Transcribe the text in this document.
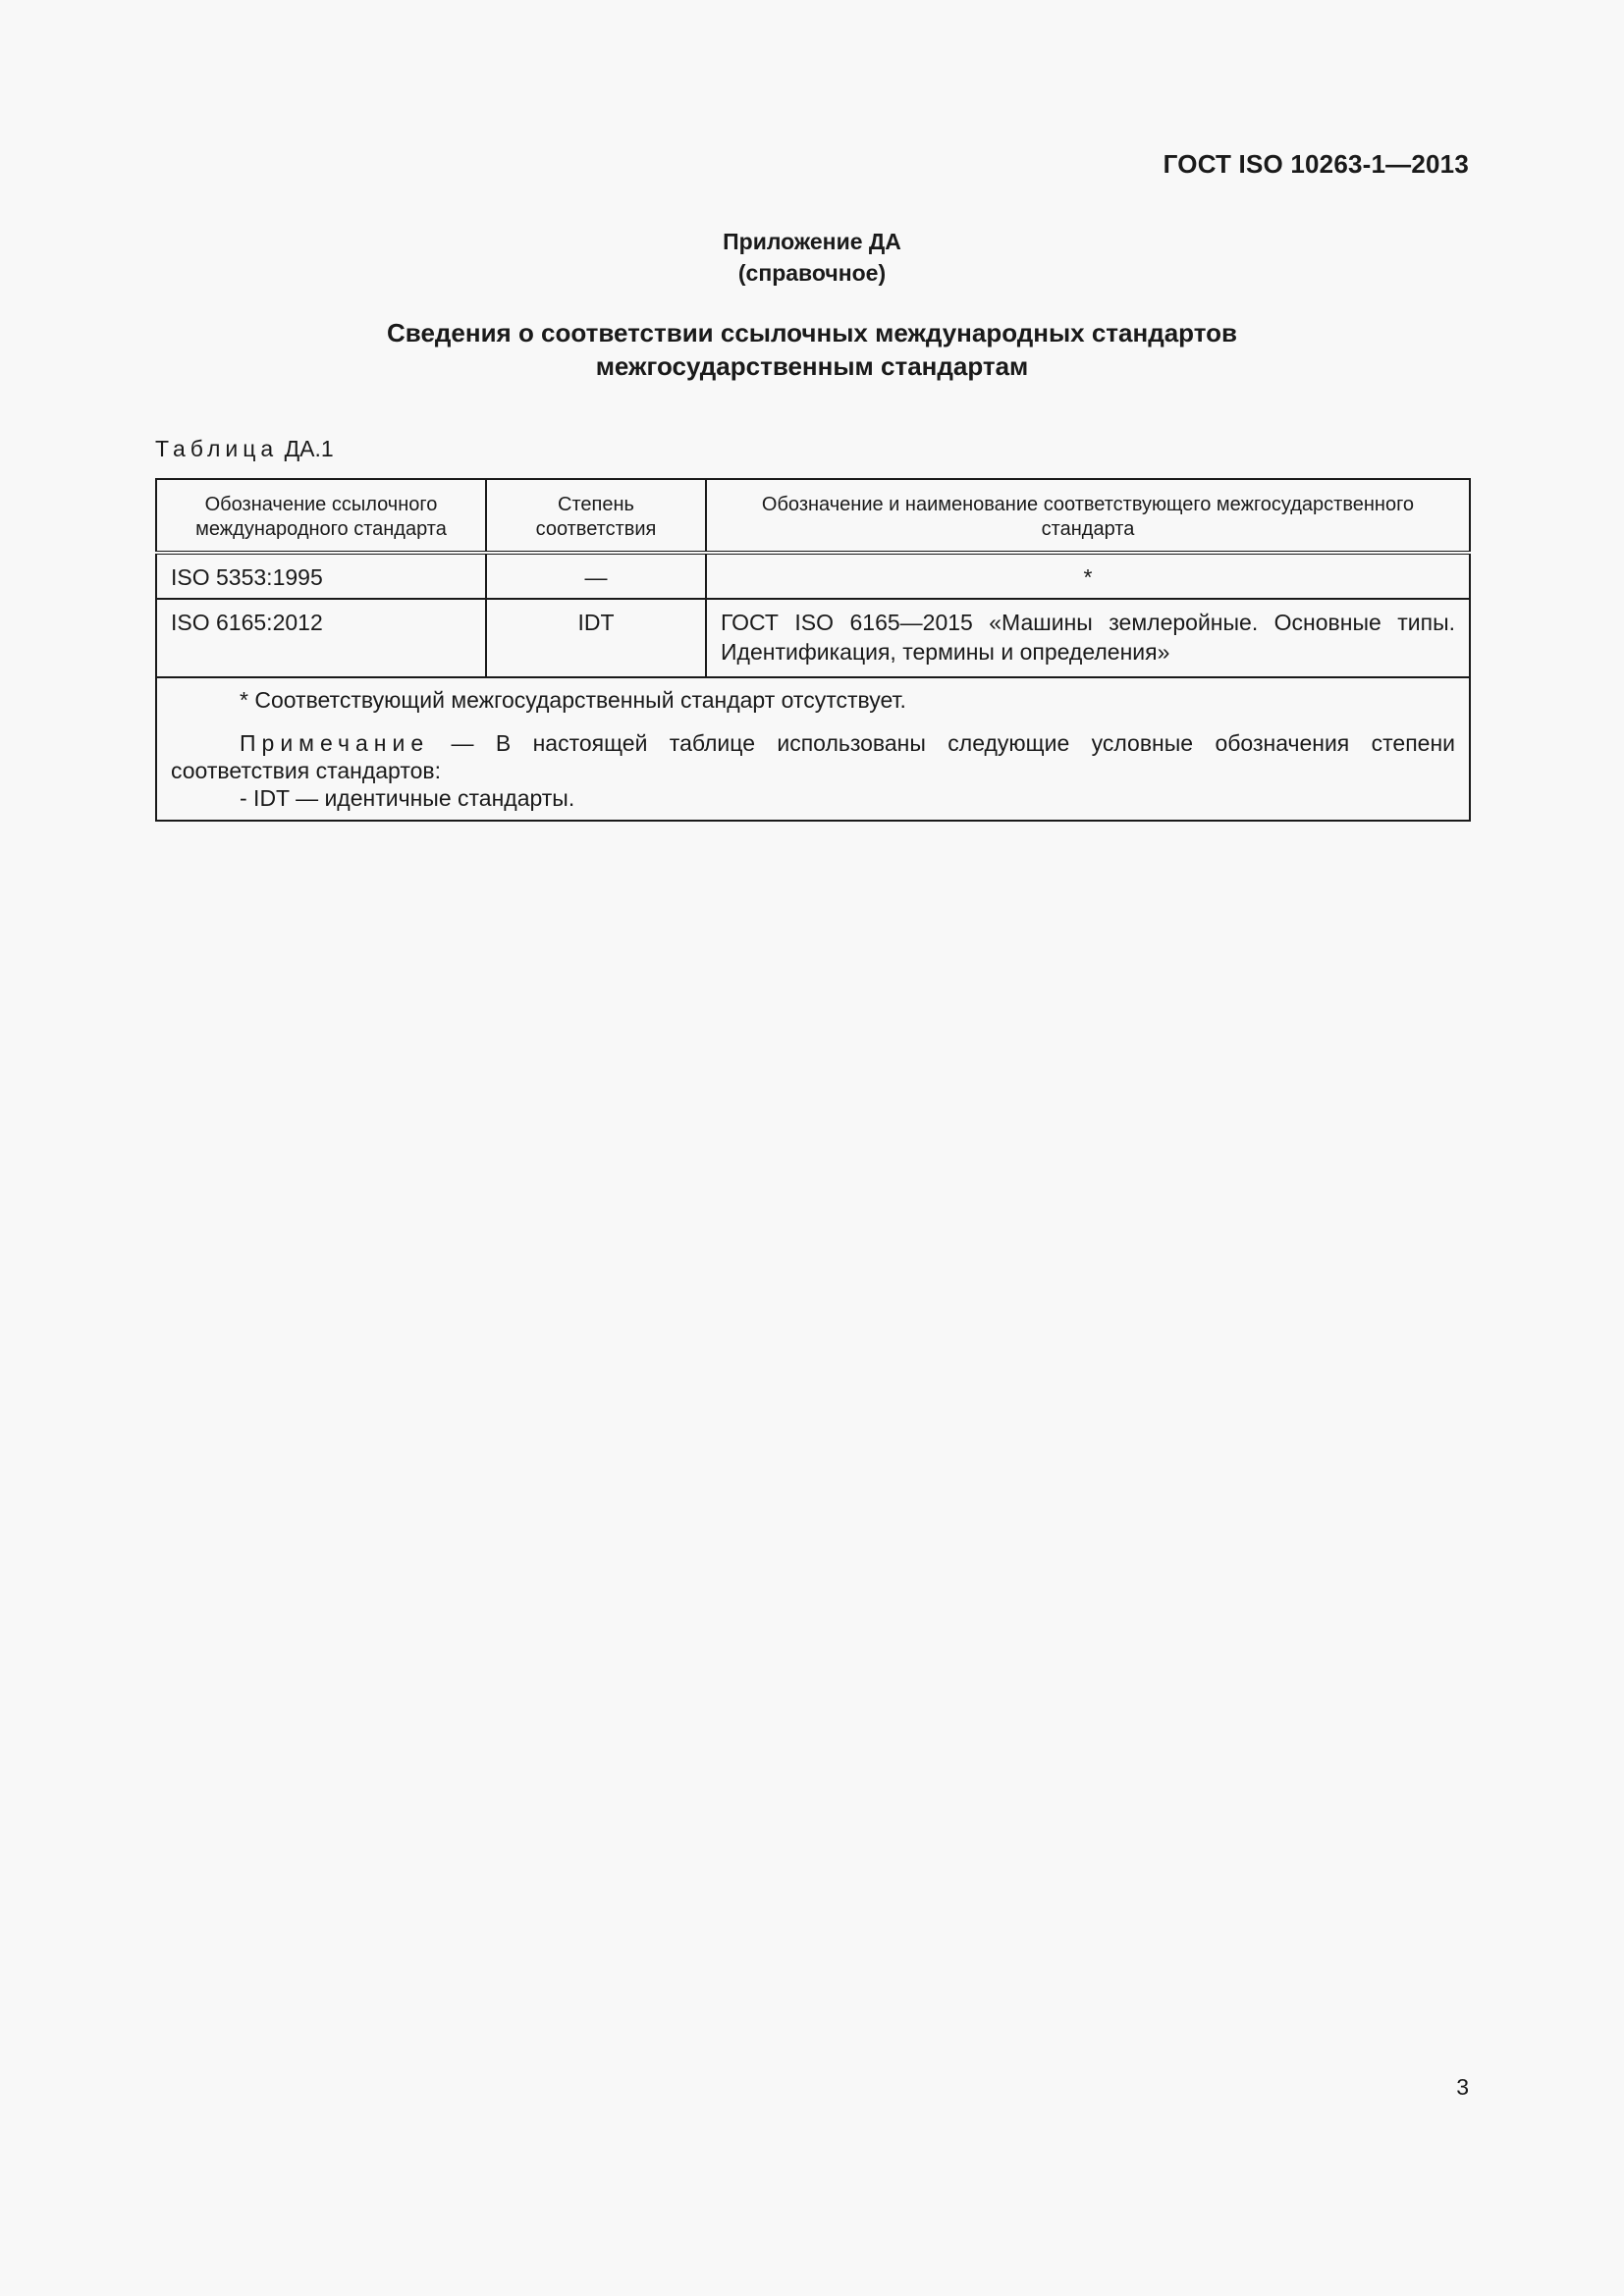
ГОСТ ISO 10263-1—2013
Приложение ДА
(справочное)
Сведения о соответствии ссылочных международных стандартов
межгосударственным стандартам
Таблица ДА.1
Обозначение ссылочного международного стандарта	Степень соответствия	Обозначение и наименование соответствующего межгосударственного стандарта
ISO 5353:1995	—	*
ISO 6165:2012	IDT	ГОСТ ISO 6165—2015 «Машины землеройные. Основные типы. Идентификация, термины и определения»

* Соответствующий межгосударственный стандарт отсутствует.
Примечание — В настоящей таблице использованы следующие условные обозначения степени соответствия стандартов:
- IDT — идентичные стандарты.		
3
